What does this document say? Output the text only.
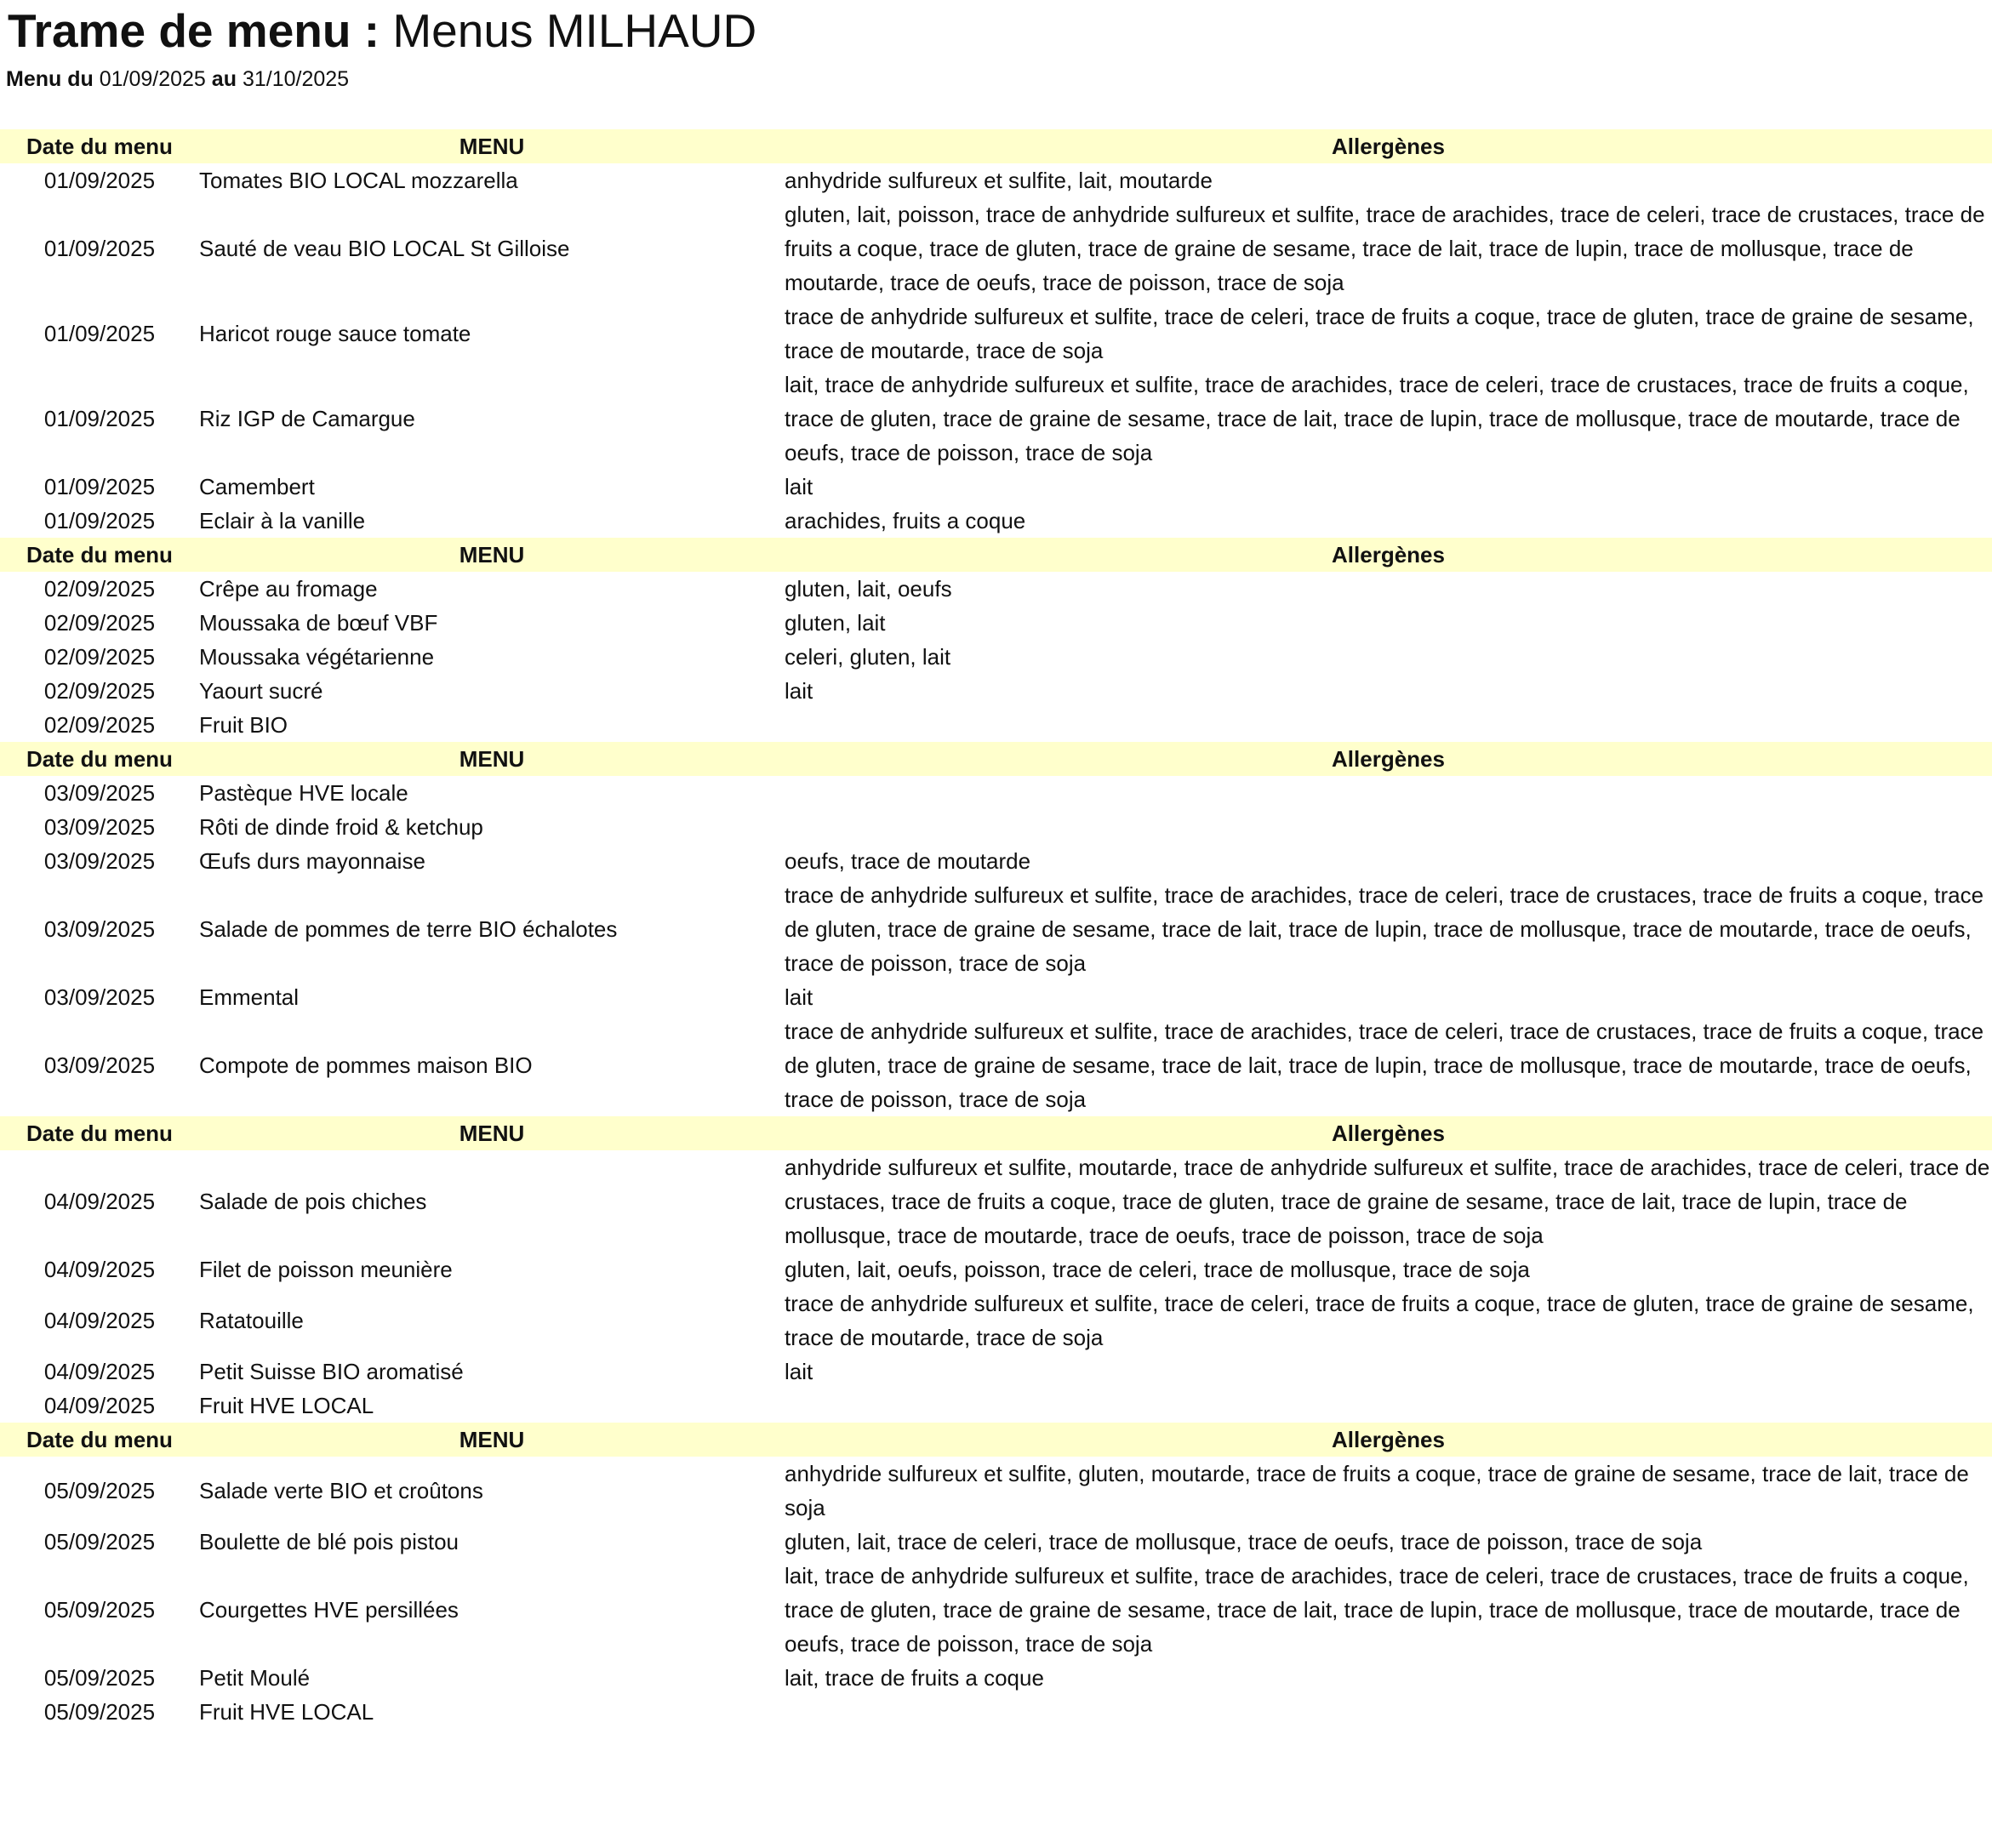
Trame de menu : Menus MILHAUD
Menu du 01/09/2025 au 31/10/2025
Date du menu	MENU	Allergènes
01/09/2025	Tomates BIO LOCAL mozzarella	anhydride sulfureux et sulfite, lait, moutarde
01/09/2025	Sauté de veau BIO LOCAL St Gilloise	gluten, lait, poisson, trace de anhydride sulfureux et sulfite, trace de arachides, trace de celeri, trace de crustaces, trace de fruits a coque, trace de gluten, trace de graine de sesame, trace de lait, trace de lupin, trace de mollusque, trace de moutarde, trace de oeufs, trace de poisson, trace de soja
01/09/2025	Haricot rouge sauce tomate	trace de anhydride sulfureux et sulfite, trace de celeri, trace de fruits a coque, trace de gluten, trace de graine de sesame, trace de moutarde, trace de soja
01/09/2025	Riz IGP de Camargue	lait, trace de anhydride sulfureux et sulfite, trace de arachides, trace de celeri, trace de crustaces, trace de fruits a coque, trace de gluten, trace de graine de sesame, trace de lait, trace de lupin, trace de mollusque, trace de moutarde, trace de oeufs, trace de poisson, trace de soja
01/09/2025	Camembert	lait
01/09/2025	Eclair à la vanille	arachides, fruits a coque
Date du menu	MENU	Allergènes
02/09/2025	Crêpe au fromage	gluten, lait, oeufs
02/09/2025	Moussaka de bœuf VBF	gluten, lait
02/09/2025	Moussaka végétarienne	celeri, gluten, lait
02/09/2025	Yaourt sucré	lait
02/09/2025	Fruit BIO	
Date du menu	MENU	Allergènes
03/09/2025	Pastèque HVE locale	
03/09/2025	Rôti de dinde froid & ketchup	
03/09/2025	Œufs durs mayonnaise	oeufs, trace de moutarde
03/09/2025	Salade de pommes de terre BIO échalotes	trace de anhydride sulfureux et sulfite, trace de arachides, trace de celeri, trace de crustaces, trace de fruits a coque, trace de gluten, trace de graine de sesame, trace de lait, trace de lupin, trace de mollusque, trace de moutarde, trace de oeufs, trace de poisson, trace de soja
03/09/2025	Emmental	lait
03/09/2025	Compote de pommes maison BIO	trace de anhydride sulfureux et sulfite, trace de arachides, trace de celeri, trace de crustaces, trace de fruits a coque, trace de gluten, trace de graine de sesame, trace de lait, trace de lupin, trace de mollusque, trace de moutarde, trace de oeufs, trace de poisson, trace de soja
Date du menu	MENU	Allergènes
04/09/2025	Salade de pois chiches	anhydride sulfureux et sulfite, moutarde, trace de anhydride sulfureux et sulfite, trace de arachides, trace de celeri, trace de crustaces, trace de fruits a coque, trace de gluten, trace de graine de sesame, trace de lait, trace de lupin, trace de mollusque, trace de moutarde, trace de oeufs, trace de poisson, trace de soja
04/09/2025	Filet de poisson meunière	gluten, lait, oeufs, poisson, trace de celeri, trace de mollusque, trace de soja
04/09/2025	Ratatouille	trace de anhydride sulfureux et sulfite, trace de celeri, trace de fruits a coque, trace de gluten, trace de graine de sesame, trace de moutarde, trace de soja
04/09/2025	Petit Suisse BIO aromatisé	lait
04/09/2025	Fruit HVE LOCAL	
Date du menu	MENU	Allergènes
05/09/2025	Salade verte BIO et croûtons	anhydride sulfureux et sulfite, gluten, moutarde, trace de fruits a coque, trace de graine de sesame, trace de lait, trace de soja
05/09/2025	Boulette de blé pois pistou	gluten, lait, trace de celeri, trace de mollusque, trace de oeufs, trace de poisson, trace de soja
05/09/2025	Courgettes HVE persillées	lait, trace de anhydride sulfureux et sulfite, trace de arachides, trace de celeri, trace de crustaces, trace de fruits a coque, trace de gluten, trace de graine de sesame, trace de lait, trace de lupin, trace de mollusque, trace de moutarde, trace de oeufs, trace de poisson, trace de soja
05/09/2025	Petit Moulé	lait, trace de fruits a coque
05/09/2025	Fruit HVE LOCAL	
